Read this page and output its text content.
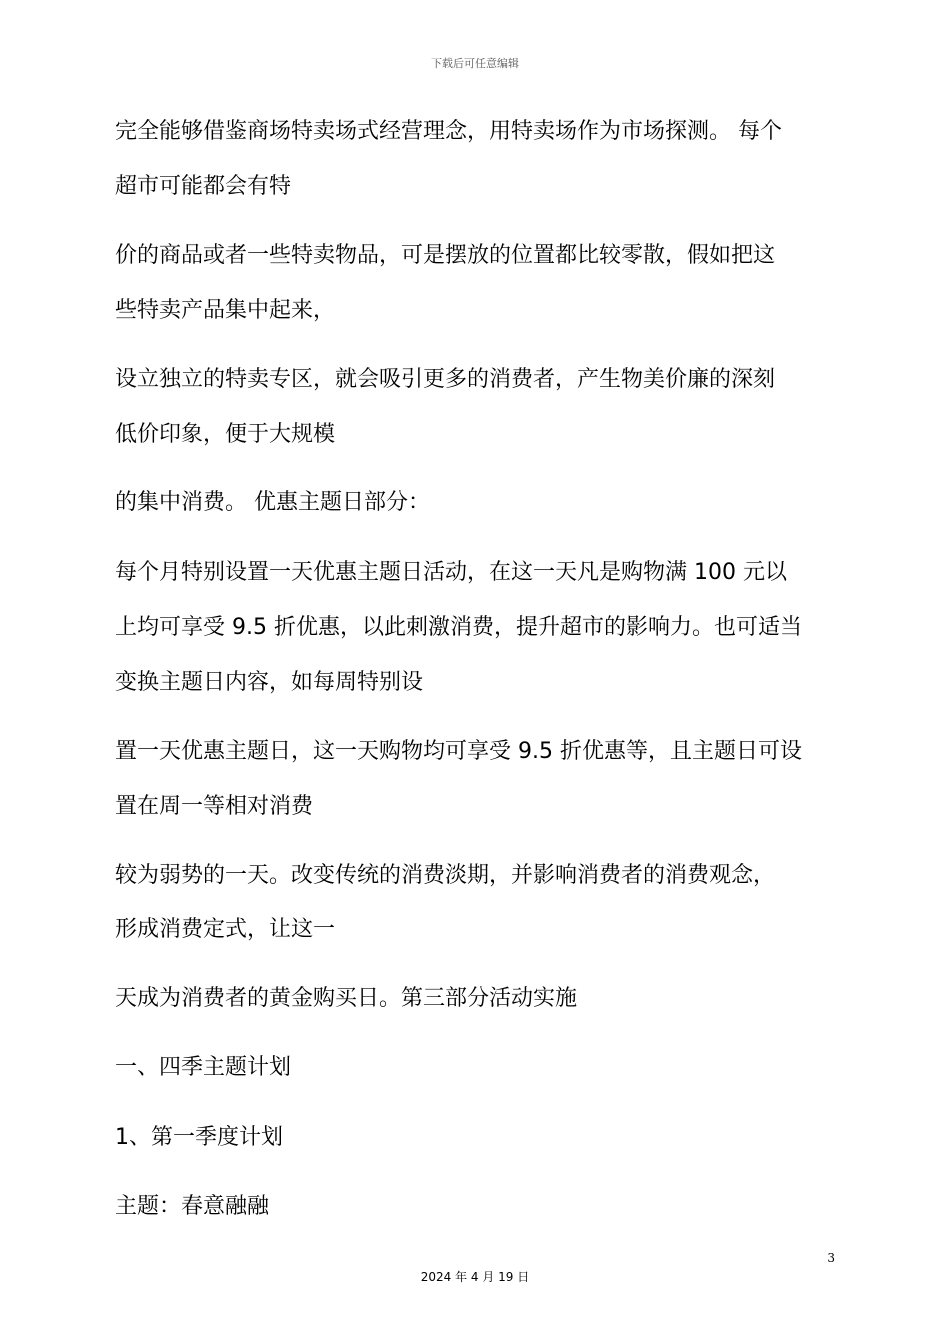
下载后可任意编辑
完全能够借鉴商场特卖场式经营理念，用特卖场作为市场探测。 每个
超市可能都会有特
价的商品或者一些特卖物品，可是摆放的位置都比较零散，假如把这
些特卖产品集中起来，
设立独立的特卖专区，就会吸引更多的消费者，产生物美价廉的深刻
低价印象，便于大规模
的集中消费。 优惠主题日部分：
每个月特别设置一天优惠主题日活动，在这一天凡是购物满 100 元以
上均可享受 9.5 折优惠，以此刺激消费，提升超市的影响力。也可适当
变换主题日内容，如每周特别设
置一天优惠主题日，这一天购物均可享受 9.5 折优惠等，且主题日可设
置在周一等相对消费
较为弱势的一天。改变传统的消费淡期，并影响消费者的消费观念，
形成消费定式，让这一
天成为消费者的黄金购买日。第三部分活动实施
一、四季主题计划
1、第一季度计划
主题：春意融融
3
2024 年 4 月 19 日
